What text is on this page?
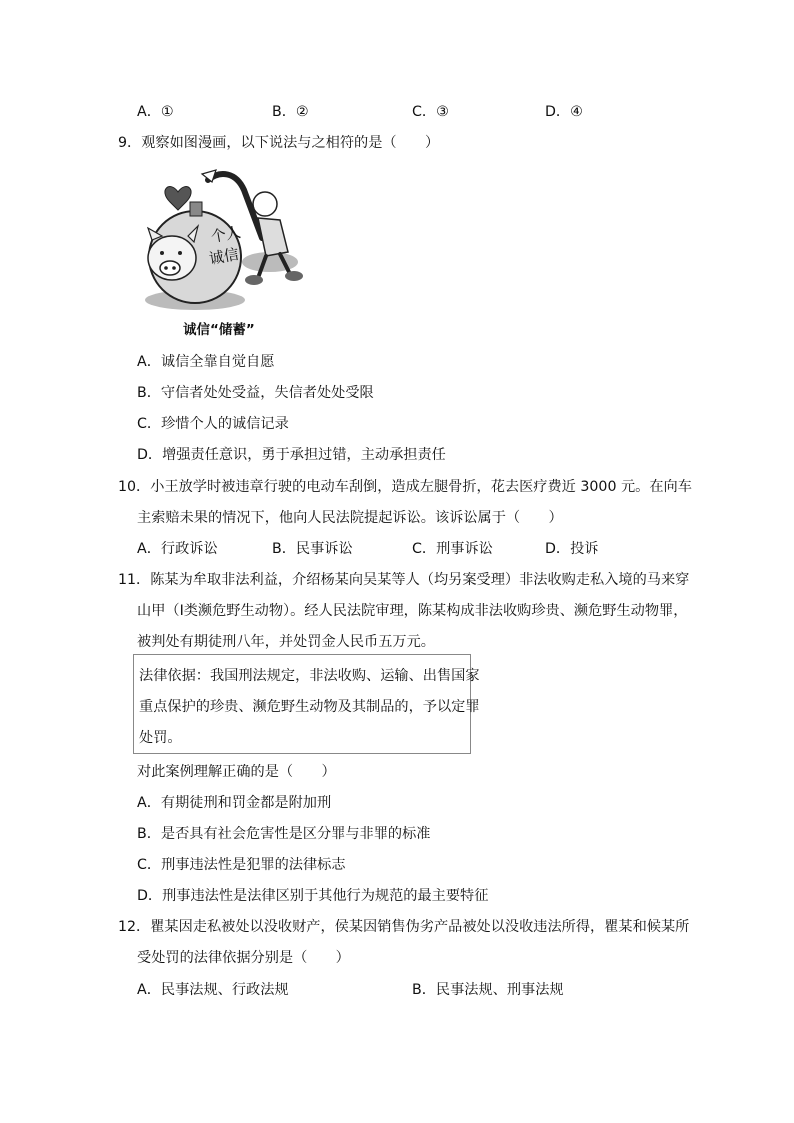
A．①	B．②	C．③	D．④
9．观察如图漫画，以下说法与之相符的是（　　）
个人
诚信
诚信“储蓄”
A．诚信全靠自觉自愿
B．守信者处处受益，失信者处处受限
C．珍惜个人的诚信记录
D．增强责任意识，勇于承担过错，主动承担责任
10．小王放学时被违章行驶的电动车刮倒，造成左腿骨折，花去医疗费近 3000 元。在向车
主索赔未果的情况下，他向人民法院提起诉讼。该诉讼属于（　　）
A．行政诉讼	B．民事诉讼	C．刑事诉讼	D．投诉
11．陈某为牟取非法利益，介绍杨某向吴某等人（均另案受理）非法收购走私入境的马来穿
山甲（I类濒危野生动物）。经人民法院审理，陈某构成非法收购珍贵、濒危野生动物罪，
被判处有期徒刑八年，并处罚金人民币五万元。
法律依据：我国刑法规定，非法收购、运输、出售国家
重点保护的珍贵、濒危野生动物及其制品的，予以定罪
处罚。
对此案例理解正确的是（　　）
A．有期徒刑和罚金都是附加刑
B．是否具有社会危害性是区分罪与非罪的标准
C．刑事违法性是犯罪的法律标志
D．刑事违法性是法律区别于其他行为规范的最主要特征
12．瞿某因走私被处以没收财产，侯某因销售伪劣产品被处以没收违法所得，瞿某和候某所
受处罚的法律依据分别是（　　）
A．民事法规、行政法规	B．民事法规、刑事法规
